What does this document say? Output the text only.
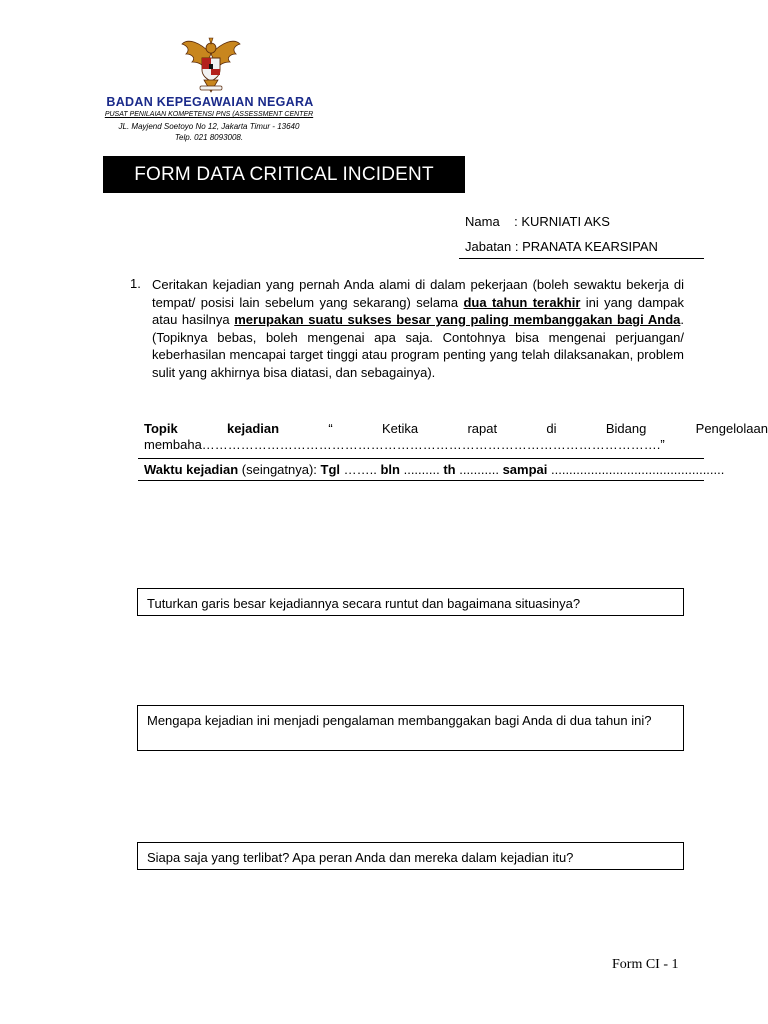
BADAN KEPEGAWAIAN NEGARA
PUSAT PENILAIAN KOMPETENSI PNS (ASSESSMENT CENTER
JL. Mayjend Soetoyo No 12, Jakarta Timur - 13640
Telp. 021 8093008.
FORM DATA CRITICAL INCIDENT
Nama    : KURNIATI AKS
Jabatan : PRANATA KEARSIPAN
1. Ceritakan kejadian yang pernah Anda alami di dalam pekerjaan (boleh sewaktu bekerja di tempat/ posisi lain sebelum yang sekarang) selama dua tahun terakhir ini yang dampak atau hasilnya merupakan suatu sukses besar yang paling membanggakan bagi Anda. (Topiknya bebas, boleh mengenai apa saja. Contohnya bisa mengenai perjuangan/ keberhasilan mencapai target tinggi atau program penting yang telah dilaksanakan, problem sulit yang akhirnya bisa diatasi, dan sebagainya).
Topik	kejadian	“	Ketika	rapat	di	Bidang	Pengelolaan
membaha…………………………………………………………………………………………….”
Waktu kejadian (seingatnya): Tgl …….. bln .......... th ........... sampai ................................................
Tuturkan garis besar kejadiannya secara runtut dan bagaimana situasinya?
Mengapa kejadian ini menjadi pengalaman membanggakan bagi Anda di dua tahun ini?
Siapa saja yang terlibat? Apa peran Anda dan mereka dalam kejadian itu?
Form CI - 1
